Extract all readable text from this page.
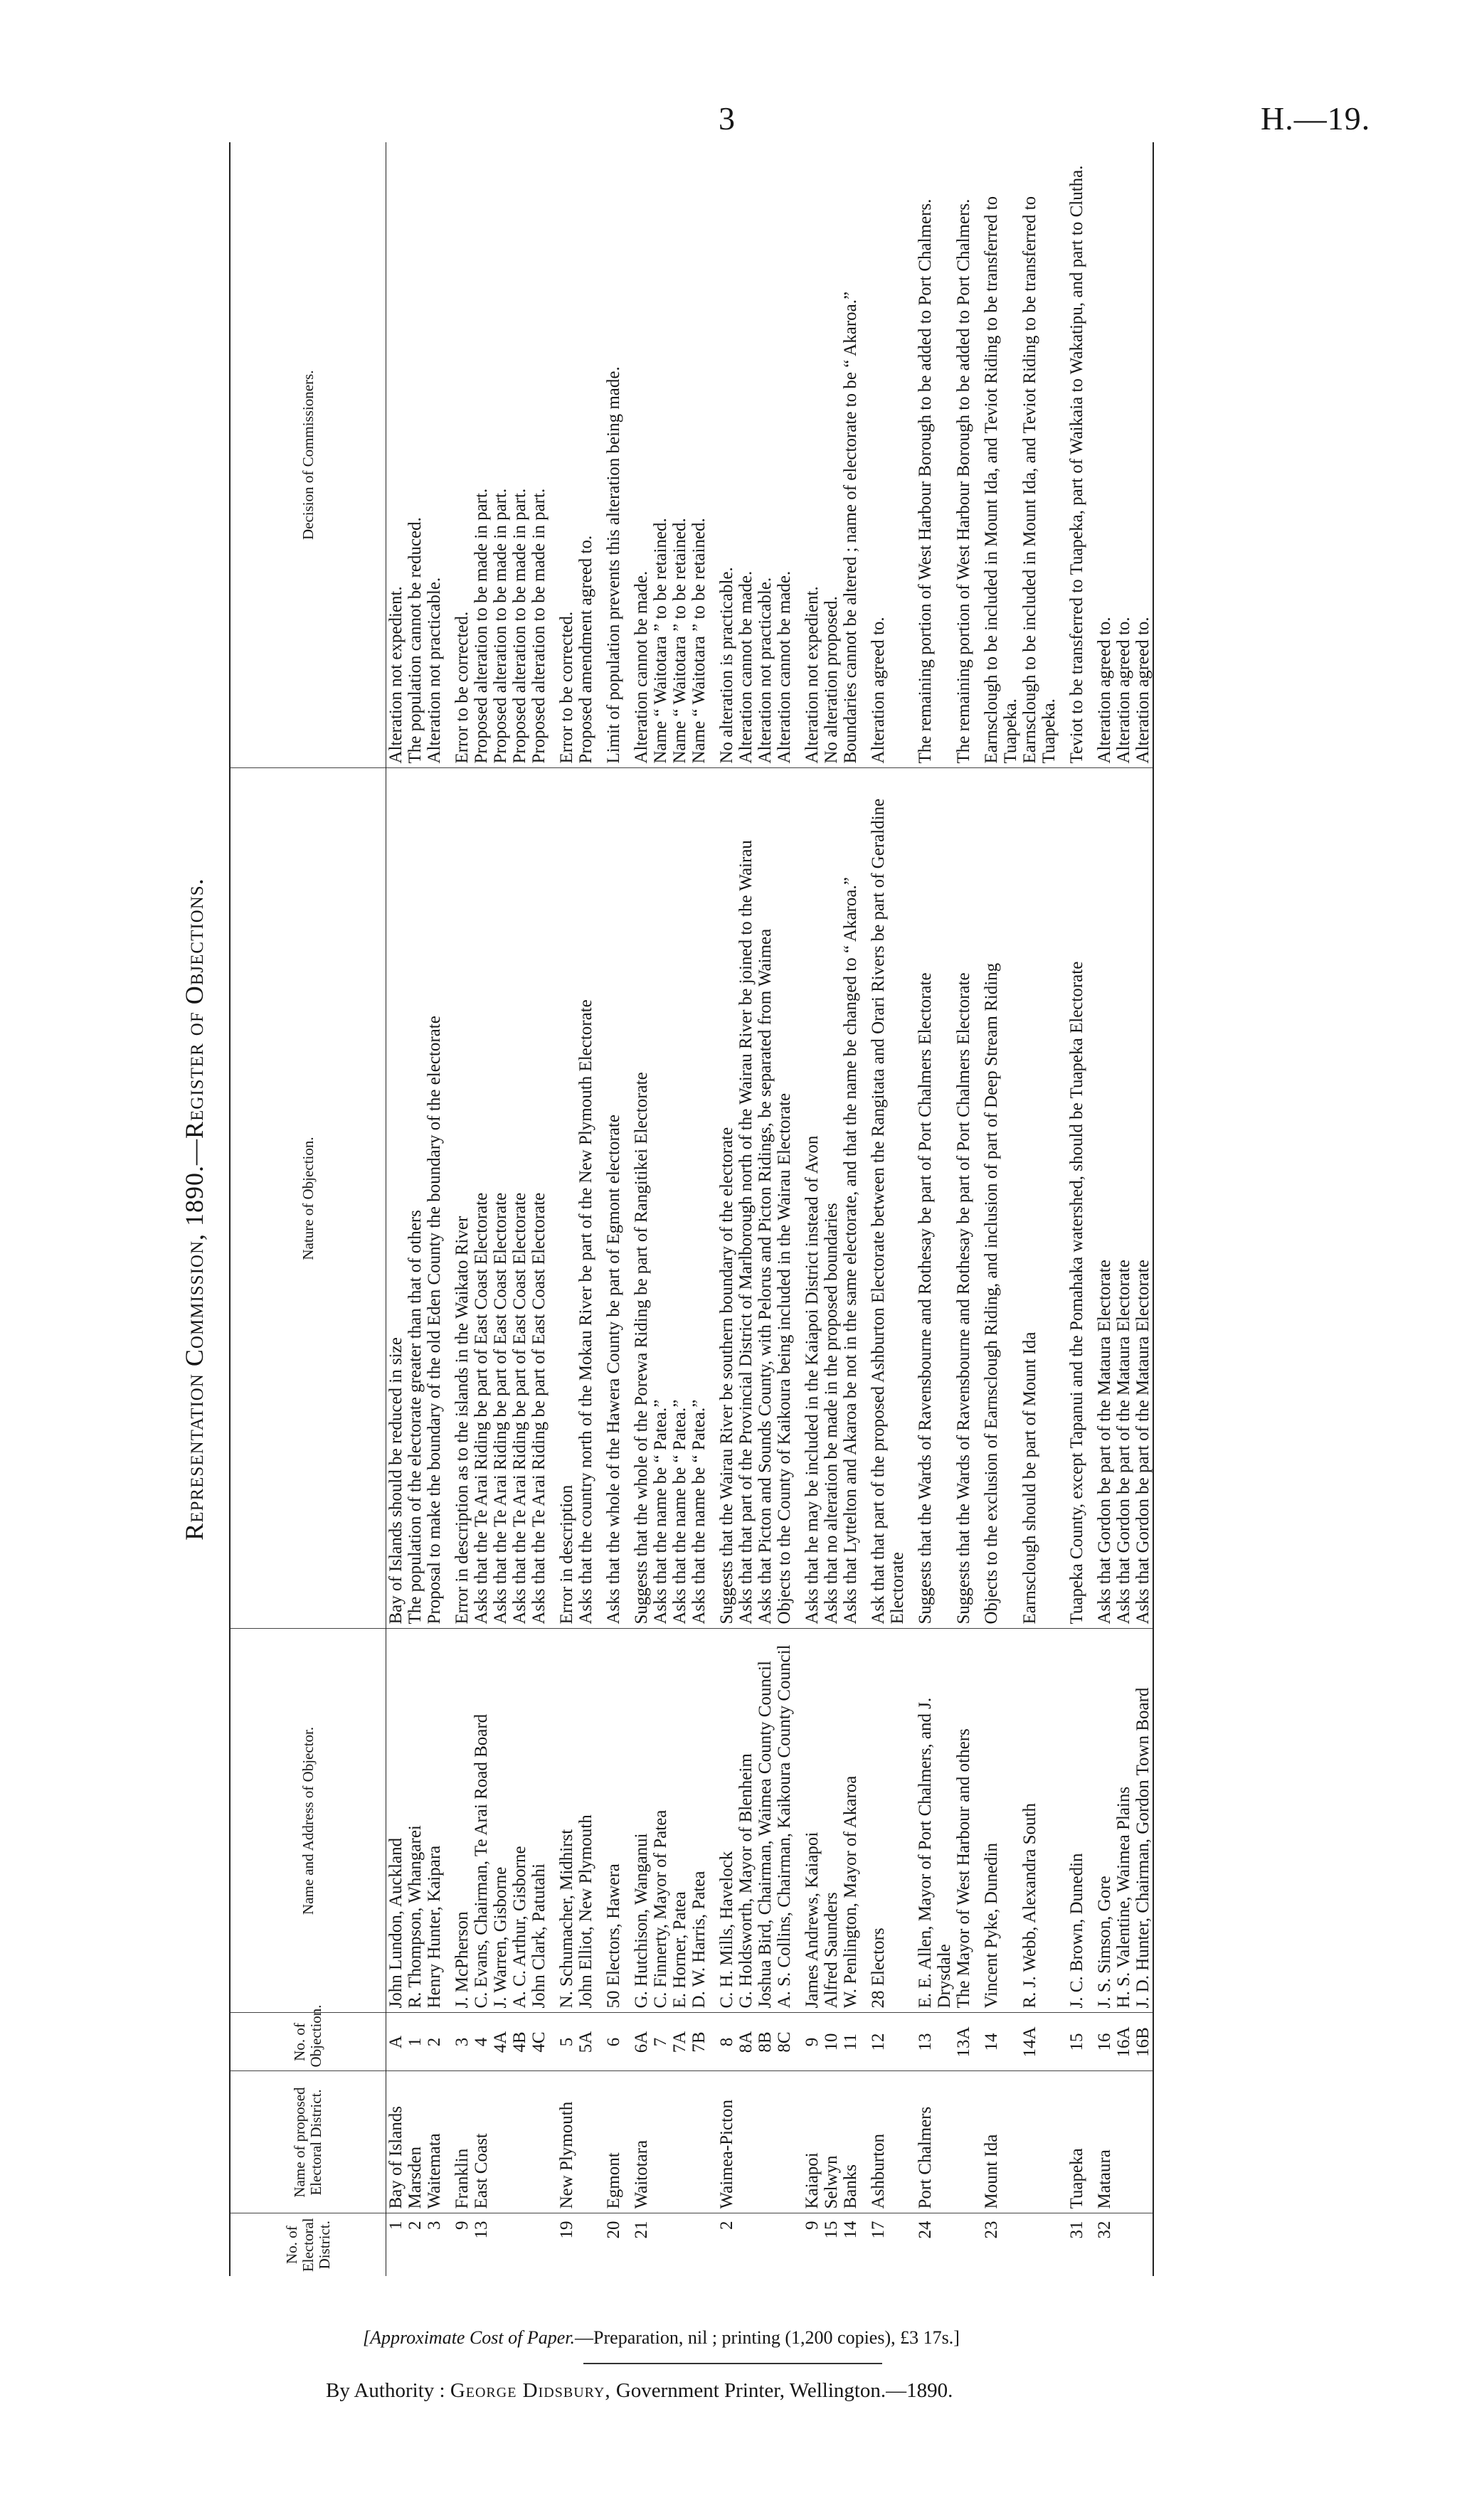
3	H.—19.
Representation Commission, 1890.—Register of Objections.
No. of Electoral District.	Name of proposed Electoral District.	No. of Objection.	Name and Address of Objector.	Nature of Objection.	Decision of Commissioners.
1	Bay of Islands	A	John Lundon, Auckland	Bay of Islands should be reduced in size	Alteration not expedient.
2	Marsden	1	R. Thompson, Whangarei	The population of the electorate greater than that of others	The population cannot be reduced.
3	Waitemata	2	Henry Hunter, Kaipara	Proposal to make the boundary of the old Eden County the boundary of the electorate	Alteration not practicable.

9	Franklin	3	J. McPherson	Error in description as to the islands in the Waikato River	Error to be corrected.
13	East Coast	4	C. Evans, Chairman, Te Arai Road Board	Asks that the Te Arai Riding be part of East Coast Electorate	Proposed alteration to be made in part.
		4A	J. Warren, Gisborne	Asks that the Te Arai Riding be part of East Coast Electorate	Proposed alteration to be made in part.
		4B	A. C. Arthur, Gisborne	Asks that the Te Arai Riding be part of East Coast Electorate	Proposed alteration to be made in part.
		4C	John Clark, Patutahi	Asks that the Te Arai Riding be part of East Coast Electorate	Proposed alteration to be made in part.

19	New Plymouth	5	N. Schumacher, Midhirst	Error in description	Error to be corrected.
		5A	John Elliot, New Plymouth	Asks that the country north of the Mokau River be part of the New Plymouth Electorate	Proposed amendment agreed to.

20	Egmont	6	50 Electors, Hawera	Asks that the whole of the Hawera County be part of Egmont electorate	Limit of population prevents this alteration being made.

21	Waitotara	6A	G. Hutchison, Wanganui	Suggests that the whole of the Porewa Riding be part of Rangitikei Electorate	Alteration cannot be made.
		7	C. Finnerty, Mayor of Patea	Asks that the name be “ Patea.”	Name “ Waitotara ” to be retained.
		7A	E. Horner, Patea	Asks that the name be “ Patea.”	Name “ Waitotara ” to be retained.
		7B	D. W. Harris, Patea	Asks that the name be “ Patea.”	Name “ Waitotara ” to be retained.

2	Waimea-Picton	8	C. H. Mills, Havelock	Suggests that the Wairau River be southern boundary of the electorate	No alteration is practicable.
		8A	G. Holdsworth, Mayor of Blenheim	Asks that that part of the Provincial District of Marlborough north of the Wairau River be joined to the Wairau	Alteration cannot be made.
		8B	Joshua Bird, Chairman, Waimea County Council	Asks that Picton and Sounds County, with Pelorus and Picton Ridings, be separated from Waimea	Alteration not practicable.
		8C	A. S. Collins, Chairman, Kaikoura County Council	Objects to the County of Kaikoura being included in the Wairau Electorate	Alteration cannot be made.

9	Kaiapoi	9	James Andrews, Kaiapoi	Asks that he may be included in the Kaiapoi District instead of Avon	Alteration not expedient.
15	Selwyn	10	Alfred Saunders	Asks that no alteration be made in the proposed boundaries	No alteration proposed.
14	Banks	11	W. Penlington, Mayor of Akaroa	Asks that Lyttelton and Akaroa be not in the same electorate, and that the name be changed to “ Akaroa.”	Boundaries cannot be altered ; name of electorate to be “ Akaroa.”

17	Ashburton	12	28 Electors	Ask that that part of the proposed Ashburton Electorate between the Rangitata and Orari Rivers be part of Geraldine Electorate	Alteration agreed to.

24	Port Chalmers	13	E. E. Allen, Mayor of Port Chalmers, and J. Drysdale	Suggests that the Wards of Ravensbourne and Rothesay be part of Port Chalmers Electorate	The remaining portion of West Harbour Borough to be added to Port Chalmers.
		13A	The Mayor of West Harbour and others	Suggests that the Wards of Ravensbourne and Rothesay be part of Port Chalmers Electorate	The remaining portion of West Harbour Borough to be added to Port Chalmers.

23	Mount Ida	14	Vincent Pyke, Dunedin	Objects to the exclusion of Earnsclough Riding, and inclusion of part of Deep Stream Riding	Earnsclough to be included in Mount Ida, and Teviot Riding to be transferred to Tuapeka.
		14A	R. J. Webb, Alexandra South	Earnsclough should be part of Mount Ida	Earnsclough to be included in Mount Ida, and Teviot Riding to be transferred to Tuapeka.

31	Tuapeka	15	J. C. Brown, Dunedin	Tuapeka County, except Tapanui and the Pomahaka watershed, should be Tuapeka Electorate	Teviot to be transferred to Tuapeka, part of Waikaia to Wakatipu, and part to Clutha.

32	Mataura	16	J. S. Simson, Gore	Asks that Gordon be part of the Mataura Electorate	Alteration agreed to.
		16A	H. S. Valentine, Waimea Plains	Asks that Gordon be part of the Mataura Electorate	Alteration agreed to.
		16B	J. D. Hunter, Chairman, Gordon Town Board	Asks that Gordon be part of the Mataura Electorate	Alteration agreed to.
[Approximate Cost of Paper.—Preparation, nil ; printing (1,200 copies), £3 17s.]
By Authority : George Didsbury, Government Printer, Wellington.—1890.
